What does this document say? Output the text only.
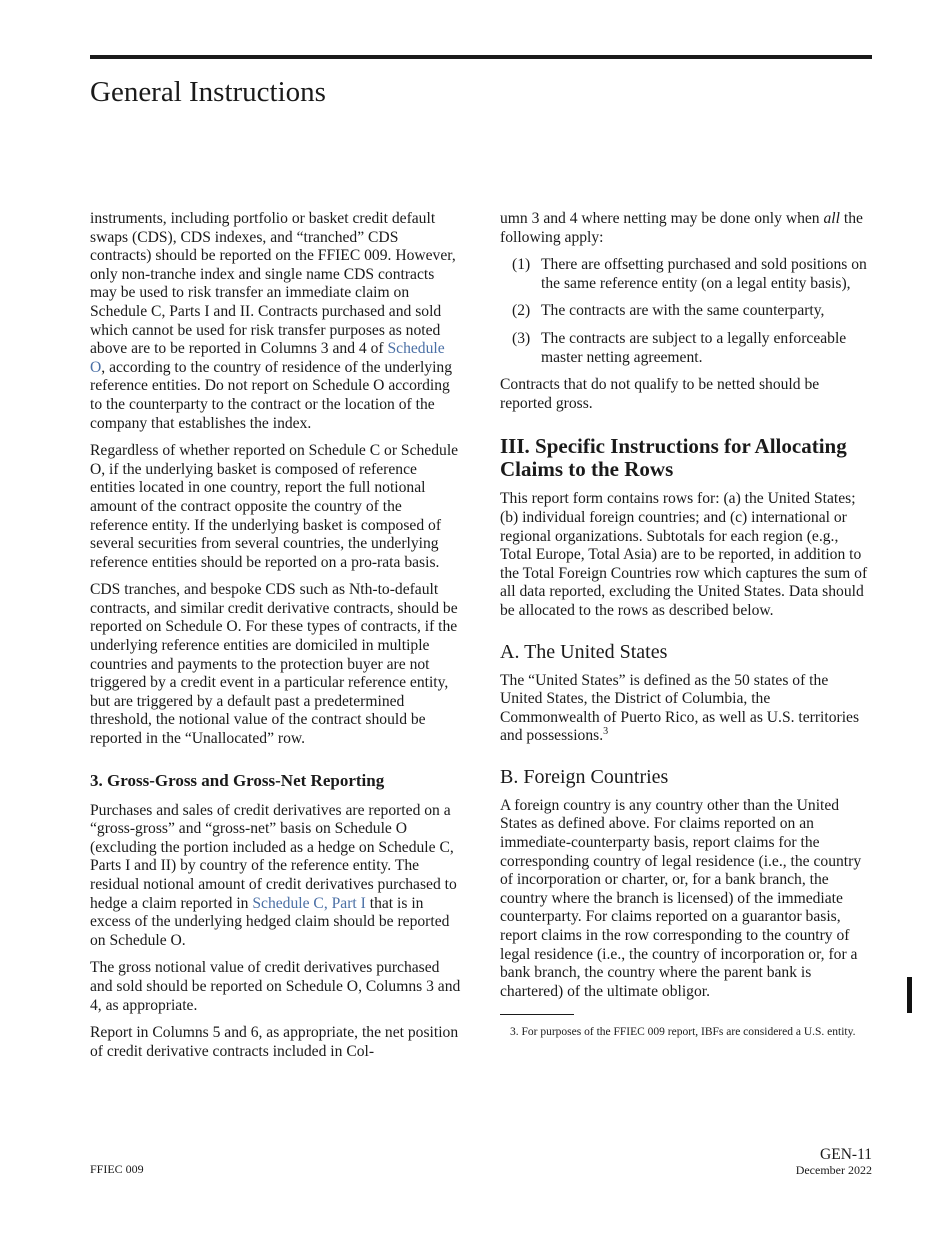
General Instructions

instruments, including portfolio or basket credit default swaps (CDS), CDS indexes, and “tranched” CDS contracts) should be reported on the FFIEC 009. However, only non-tranche index and single name CDS contracts may be used to risk transfer an immediate claim on Schedule C, Parts I and II. Contracts purchased and sold which cannot be used for risk transfer purposes as noted above are to be reported in Columns 3 and 4 of Schedule O, according to the country of residence of the underlying reference entities. Do not report on Schedule O according to the counterparty to the contract or the location of the company that establishes the index.

Regardless of whether reported on Schedule C or Schedule O, if the underlying basket is composed of reference entities located in one country, report the full notional amount of the contract opposite the country of the reference entity. If the underlying basket is composed of several securities from several countries, the underlying reference entities should be reported on a pro-rata basis.

CDS tranches, and bespoke CDS such as Nth-to-default contracts, and similar credit derivative contracts, should be reported on Schedule O. For these types of contracts, if the underlying reference entities are domiciled in multiple countries and payments to the protection buyer are not triggered by a credit event in a particular reference entity, but are triggered by a default past a predetermined threshold, the notional value of the contract should be reported in the “Unallocated” row.

3. Gross-Gross and Gross-Net Reporting

Purchases and sales of credit derivatives are reported on a “gross-gross” and “gross-net” basis on Schedule O (excluding the portion included as a hedge on Schedule C, Parts I and II) by country of the reference entity. The residual notional amount of credit derivatives purchased to hedge a claim reported in Schedule C, Part I that is in excess of the underlying hedged claim should be reported on Schedule O.

The gross notional value of credit derivatives purchased and sold should be reported on Schedule O, Columns 3 and 4, as appropriate.

Report in Columns 5 and 6, as appropriate, the net position of credit derivative contracts included in Col-

umn 3 and 4 where netting may be done only when all the following apply:

(1) There are offsetting purchased and sold positions on the same reference entity (on a legal entity basis),
(2) The contracts are with the same counterparty,
(3) The contracts are subject to a legally enforceable master netting agreement.

Contracts that do not qualify to be netted should be reported gross.

III. Specific Instructions for Allocating Claims to the Rows

This report form contains rows for: (a) the United States; (b) individual foreign countries; and (c) international or regional organizations. Subtotals for each region (e.g., Total Europe, Total Asia) are to be reported, in addition to the Total Foreign Countries row which captures the sum of all data reported, excluding the United States. Data should be allocated to the rows as described below.

A. The United States

The “United States” is defined as the 50 states of the United States, the District of Columbia, the Commonwealth of Puerto Rico, as well as U.S. territories and possessions.$^3$

B. Foreign Countries

A foreign country is any country other than the United States as defined above. For claims reported on an immediate-counterparty basis, report claims for the corresponding country of legal residence (i.e., the country of incorporation or charter, or, for a bank branch, the country where the branch is licensed) of the immediate counterparty. For claims reported on a guarantor basis, report claims in the row corresponding to the country of legal residence (i.e., the country of incorporation or, for a bank branch, the country where the parent bank is chartered) of the ultimate obligor.

3. For purposes of the FFIEC 009 report, IBFs are considered a U.S. entity.
FFIEC 009
GEN-11
December 2022
